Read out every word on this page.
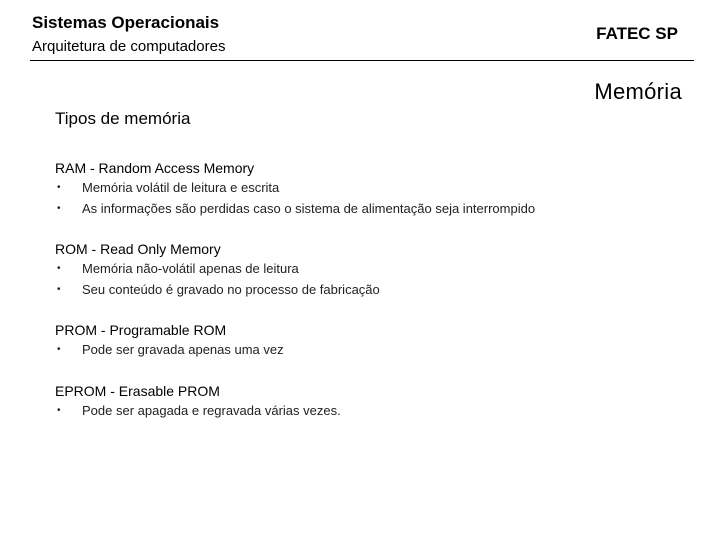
Sistemas Operacionais
Arquitetura de computadores
FATEC SP
Memória
Tipos de memória
RAM - Random Access Memory
•	Memória volátil de leitura e escrita
•	As informações são perdidas caso o sistema de alimentação seja interrompido
ROM - Read Only Memory
•	Memória não-volátil apenas de leitura
•	Seu conteúdo é gravado no processo de fabricação
PROM - Programable ROM
•	Pode ser gravada apenas uma vez
EPROM - Erasable PROM
•	Pode ser apagada e regravada várias vezes.
